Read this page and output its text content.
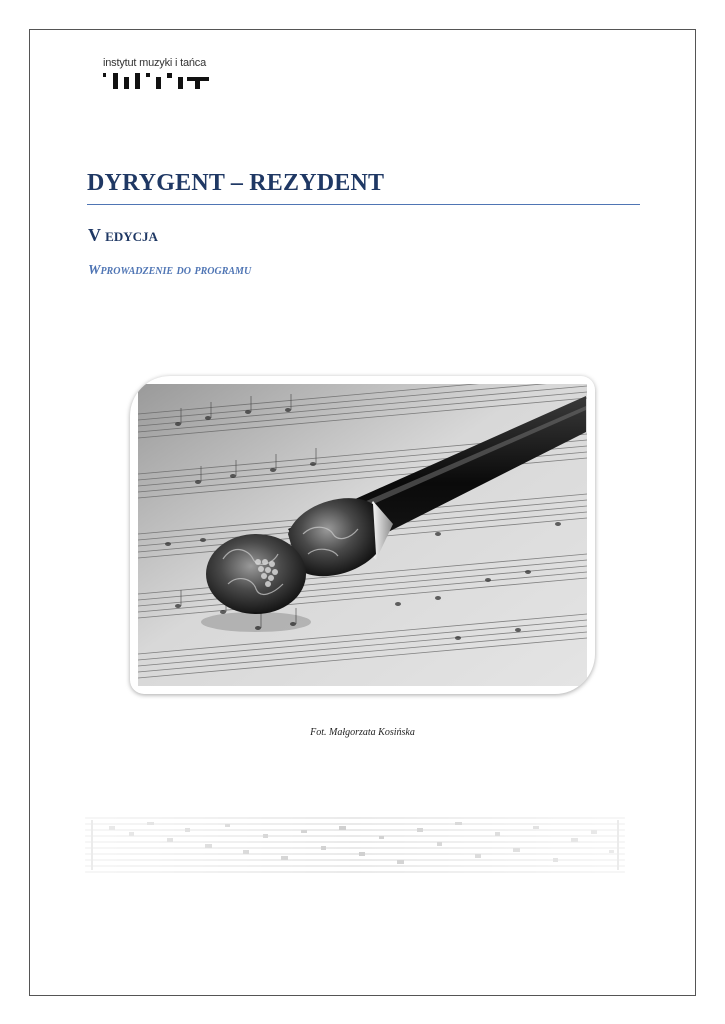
instytut muzyki i tańca
DYRYGENT – REZYDENT
V edycja
Wprowadzenie do programu
Fot. Małgorzata Kosińska
